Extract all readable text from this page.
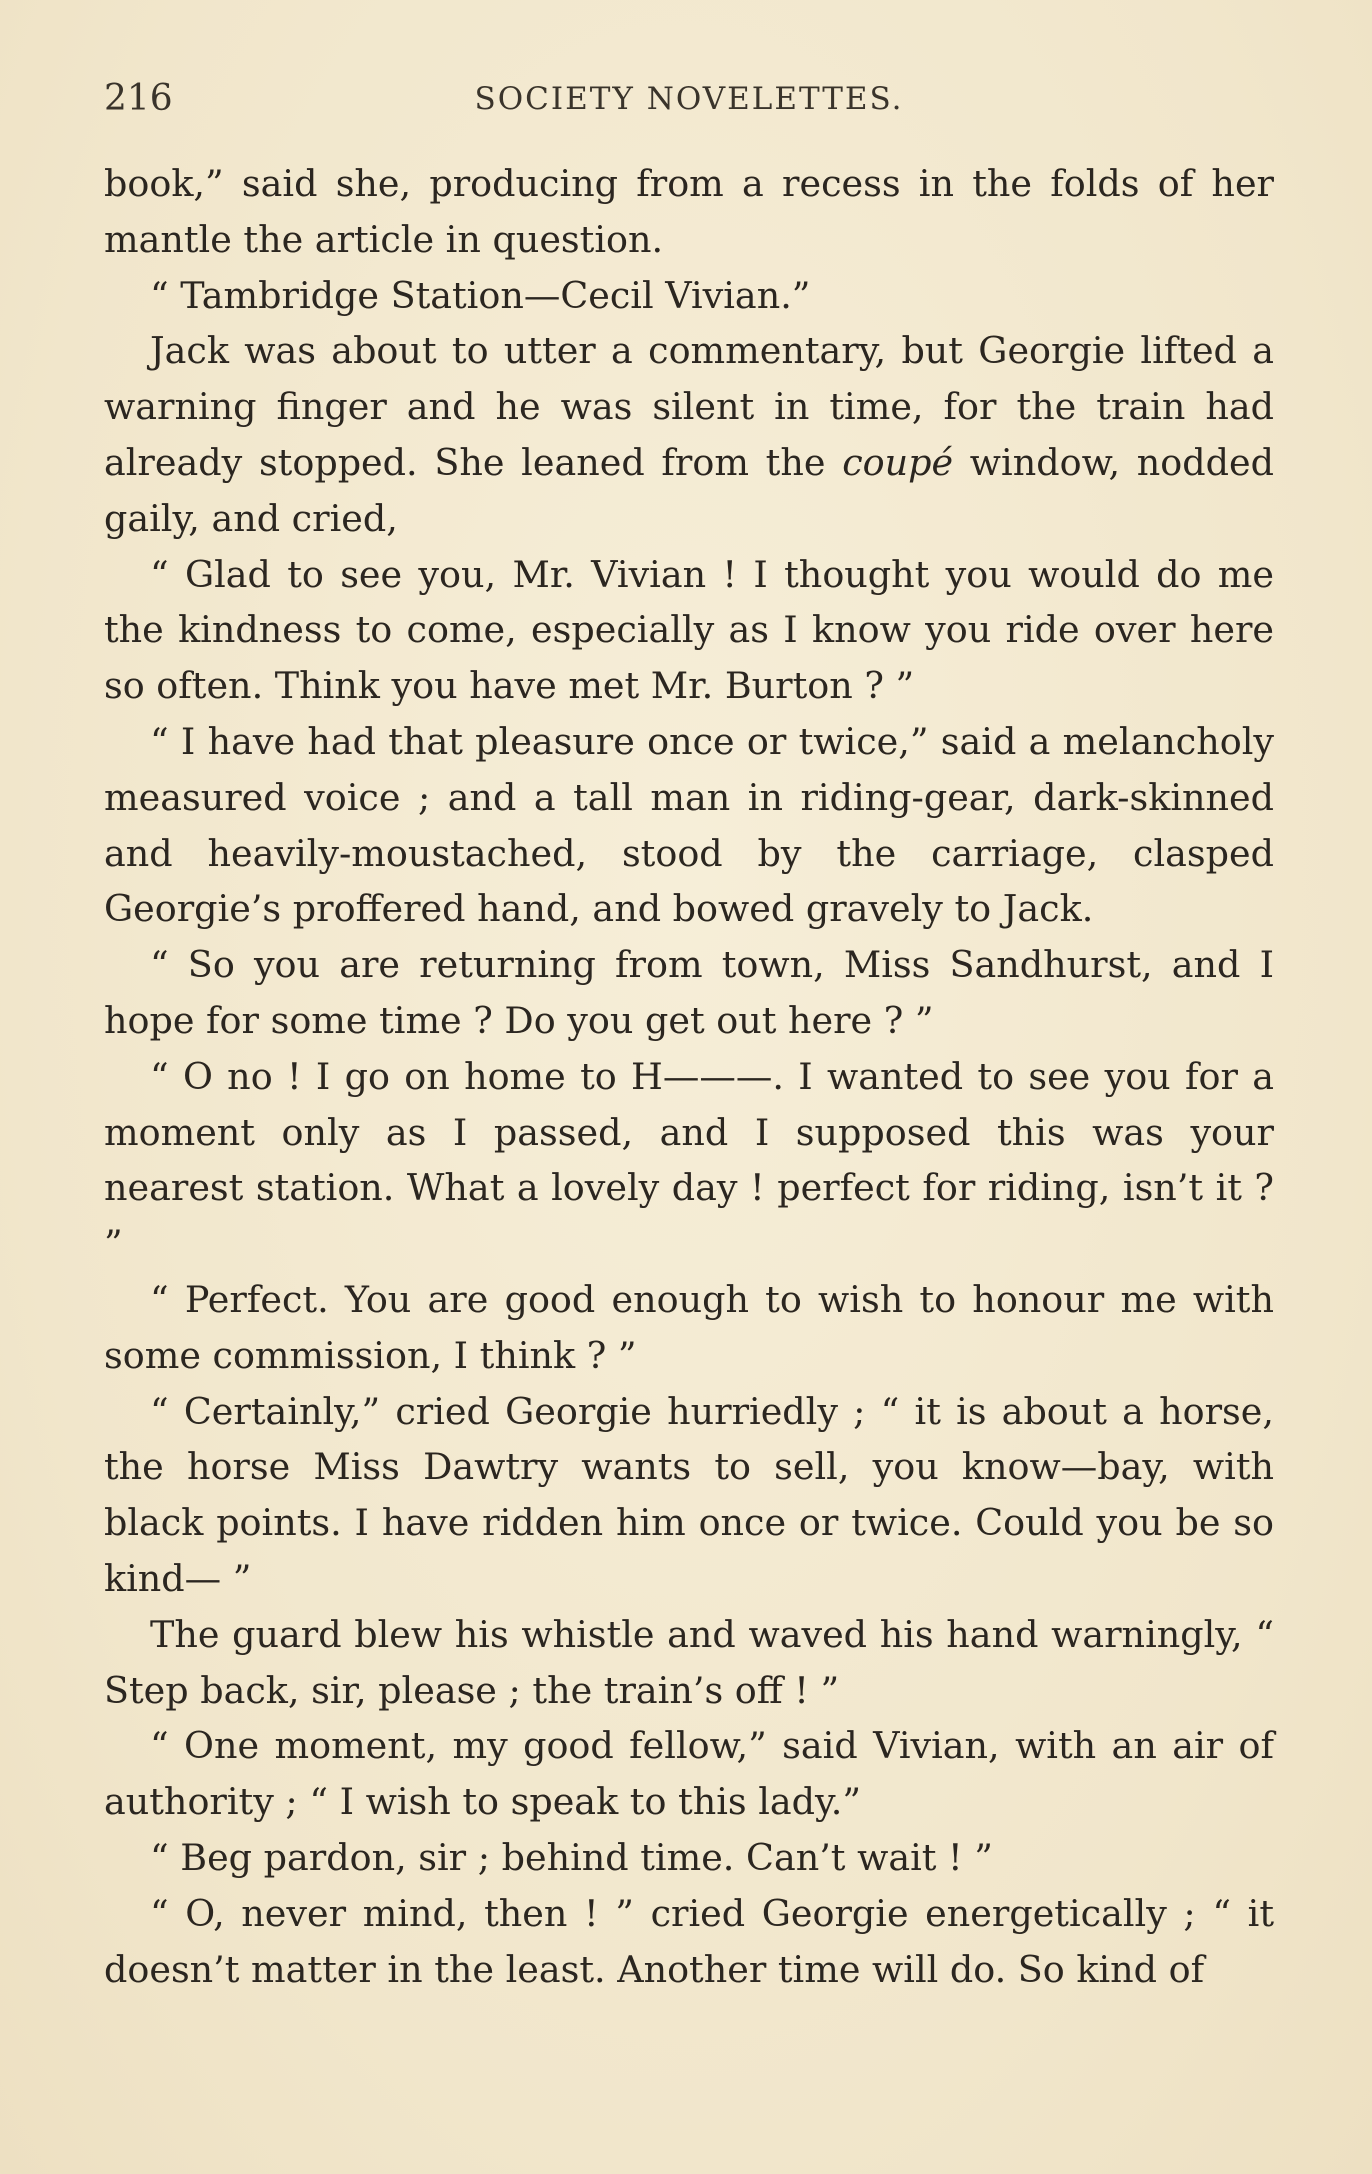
216	SOCIETY NOVELETTES.

book,” said she, producing from a recess in the folds of her mantle the article in question.

“ Tambridge Station—Cecil Vivian.”

Jack was about to utter a commentary, but Georgie lifted a warning finger and he was silent in time, for the train had already stopped. She leaned from the coupé window, nodded gaily, and cried,

“ Glad to see you, Mr. Vivian ! I thought you would do me the kindness to come, especially as I know you ride over here so often. Think you have met Mr. Burton ? ”

“ I have had that pleasure once or twice,” said a melancholy measured voice ; and a tall man in riding-gear, dark-skinned and heavily-moustached, stood by the carriage, clasped Georgie’s proffered hand, and bowed gravely to Jack.

“ So you are returning from town, Miss Sandhurst, and I hope for some time ? Do you get out here ? ”

“ O no ! I go on home to H———. I wanted to see you for a moment only as I passed, and I supposed this was your nearest station. What a lovely day ! perfect for riding, isn’t it ? ”

“ Perfect. You are good enough to wish to honour me with some commission, I think ? ”

“ Certainly,” cried Georgie hurriedly ; “ it is about a horse, the horse Miss Dawtry wants to sell, you know—bay, with black points. I have ridden him once or twice. Could you be so kind— ”

The guard blew his whistle and waved his hand warningly, “ Step back, sir, please ; the train’s off ! ”

“ One moment, my good fellow,” said Vivian, with an air of authority ; “ I wish to speak to this lady.”

“ Beg pardon, sir ; behind time. Can’t wait ! ”

“ O, never mind, then ! ” cried Georgie energetically ; “ it doesn’t matter in the least. Another time will do. So kind of
